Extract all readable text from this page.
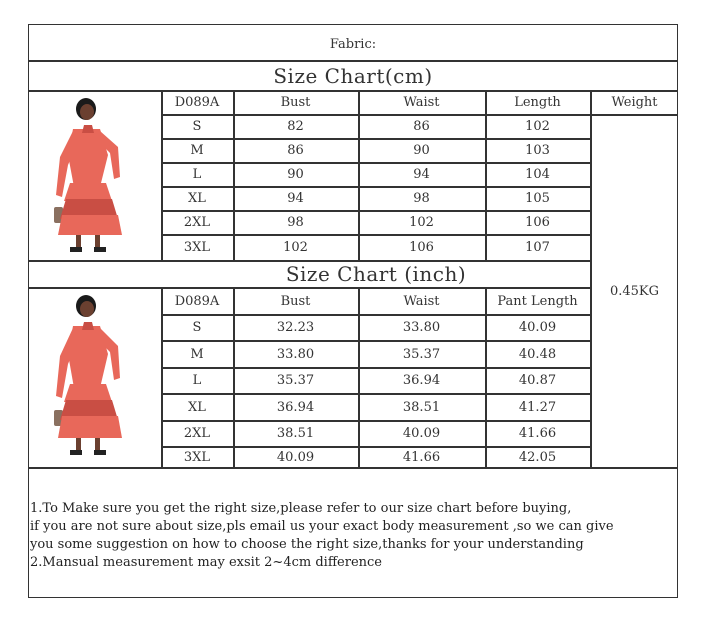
Fabric:
Size Chart(cm)
Size Chart (inch)
D089A	Bust	Waist	Length	Weight
S	82	86	102
M	86	90	103
L	90	94	104
XL	94	98	105
2XL	98	102	106
3XL	102	106	107
0.45KG
D089A	Bust	Waist	Pant Length
S	32.23	33.80	40.09
M	33.80	35.37	40.48
L	35.37	36.94	40.87
XL	36.94	38.51	41.27
2XL	38.51	40.09	41.66
3XL	40.09	41.66	42.05
1.To Make sure you get the right size,please refer to our size chart before buying,
if you are not sure about size,pls email us your exact body measurement ,so we can give
you some suggestion on how to choose the right size,thanks for your understanding
2.Mansual measurement may exsit 2~4cm difference
